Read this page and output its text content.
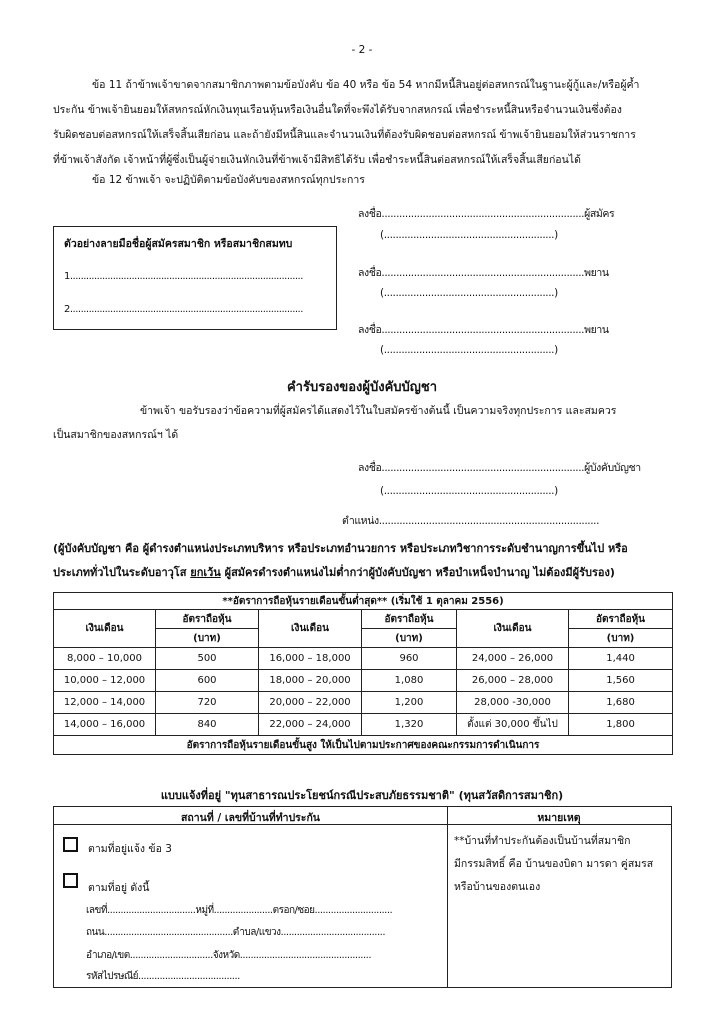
- 2 -

ข้อ 11 ถ้าข้าพเจ้าขาดจากสมาชิกภาพตามข้อบังคับ ข้อ 40 หรือ ข้อ 54 หากมีหนี้สินอยู่ต่อสหกรณ์ในฐานะผู้กู้และ/หรือผู้ค้ำ

ประกัน ข้าพเจ้ายินยอมให้สหกรณ์หักเงินทุนเรือนหุ้นหรือเงินอื่นใดที่จะพึงได้รับจากสหกรณ์ เพื่อชำระหนี้สินหรือจำนวนเงินซึ่งต้อง

รับผิดชอบต่อสหกรณ์ให้เสร็จสิ้นเสียก่อน และถ้ายังมีหนี้สินและจำนวนเงินที่ต้องรับผิดชอบต่อสหกรณ์ ข้าพเจ้ายินยอมให้ส่วนราชการ

ที่ข้าพเจ้าสังกัด เจ้าหน้าที่ผู้ซึ่งเป็นผู้จ่ายเงินหักเงินที่ข้าพเจ้ามีสิทธิได้รับ เพื่อชำระหนี้สินต่อสหกรณ์ให้เสร็จสิ้นเสียก่อนได้

ข้อ 12 ข้าพเจ้า จะปฏิบัติตามข้อบังคับของสหกรณ์ทุกประการ
ตัวอย่างลายมือชื่อผู้สมัครสมาชิก หรือสมาชิกสมทบ
1.......................................................................................
2.......................................................................................
ลงชื่อ.....................................................................ผู้สมัคร
(..........................................................)
ลงชื่อ.....................................................................พยาน
(..........................................................)
ลงชื่อ.....................................................................พยาน
(..........................................................)
คำรับรองของผู้บังคับบัญชา
ข้าพเจ้า ขอรับรองว่าข้อความที่ผู้สมัครได้แสดงไว้ในใบสมัครข้างต้นนี้ เป็นความจริงทุกประการ และสมควร
เป็นสมาชิกของสหกรณ์ฯ ได้
ลงชื่อ.....................................................................ผู้บังคับบัญชา
(..........................................................)
ตำแหน่ง...........................................................................
(ผู้บังคับบัญชา คือ ผู้ดำรงตำแหน่งประเภทบริหาร หรือประเภทอำนวยการ หรือประเภทวิชาการระดับชำนาญการขึ้นไป หรือ
ประเภททั่วไปในระดับอาวุโส ยกเว้น ผู้สมัครดำรงตำแหน่งไม่ต่ำกว่าผู้บังคับบัญชา หรือบำเหน็จบำนาญ ไม่ต้องมีผู้รับรอง)
**อัตราการถือหุ้นรายเดือนขั้นต่ำสุด** (เริ่มใช้ 1 ตุลาคม 2556)					
เงินเดือน	อัตราถือหุ้น	เงินเดือน	อัตราถือหุ้น	เงินเดือน	อัตราถือหุ้น
	(บาท)		(บาท)		(บาท)
8,000 – 10,000	500	16,000 – 18,000	960	24,000 – 26,000	1,440
10,000 – 12,000	600	18,000 – 20,000	1,080	26,000 – 28,000	1,560
12,000 – 14,000	720	20,000 – 22,000	1,200	28,000 -30,000	1,680
14,000 – 16,000	840	22,000 – 24,000	1,320	ตั้งแต่ 30,000 ขึ้นไป	1,800
อัตราการถือหุ้นรายเดือนขั้นสูง ให้เป็นไปตามประกาศของคณะกรรมการดำเนินการ					
แบบแจ้งที่อยู่ "ทุนสาธารณประโยชน์กรณีประสบภัยธรรมชาติ" (ทุนสวัสดิการสมาชิก)
สถานที่ / เลขที่บ้านที่ทำประกัน	หมายเหตุ
ตามที่อยู่แจ้ง ข้อ 3
ตามที่อยู่ ดังนี้
เลขที่.................................หมู่ที่......................ตรอก/ซอย.............................
ถนน................................................ตำบล/แขวง.......................................
อำเภอ/เขต...............................จังหวัด.................................................
รหัสไปรษณีย์......................................
**บ้านที่ทำประกันต้องเป็นบ้านที่สมาชิก
มีกรรมสิทธิ์ คือ บ้านของบิดา มารดา คู่สมรส
หรือบ้านของตนเอง
